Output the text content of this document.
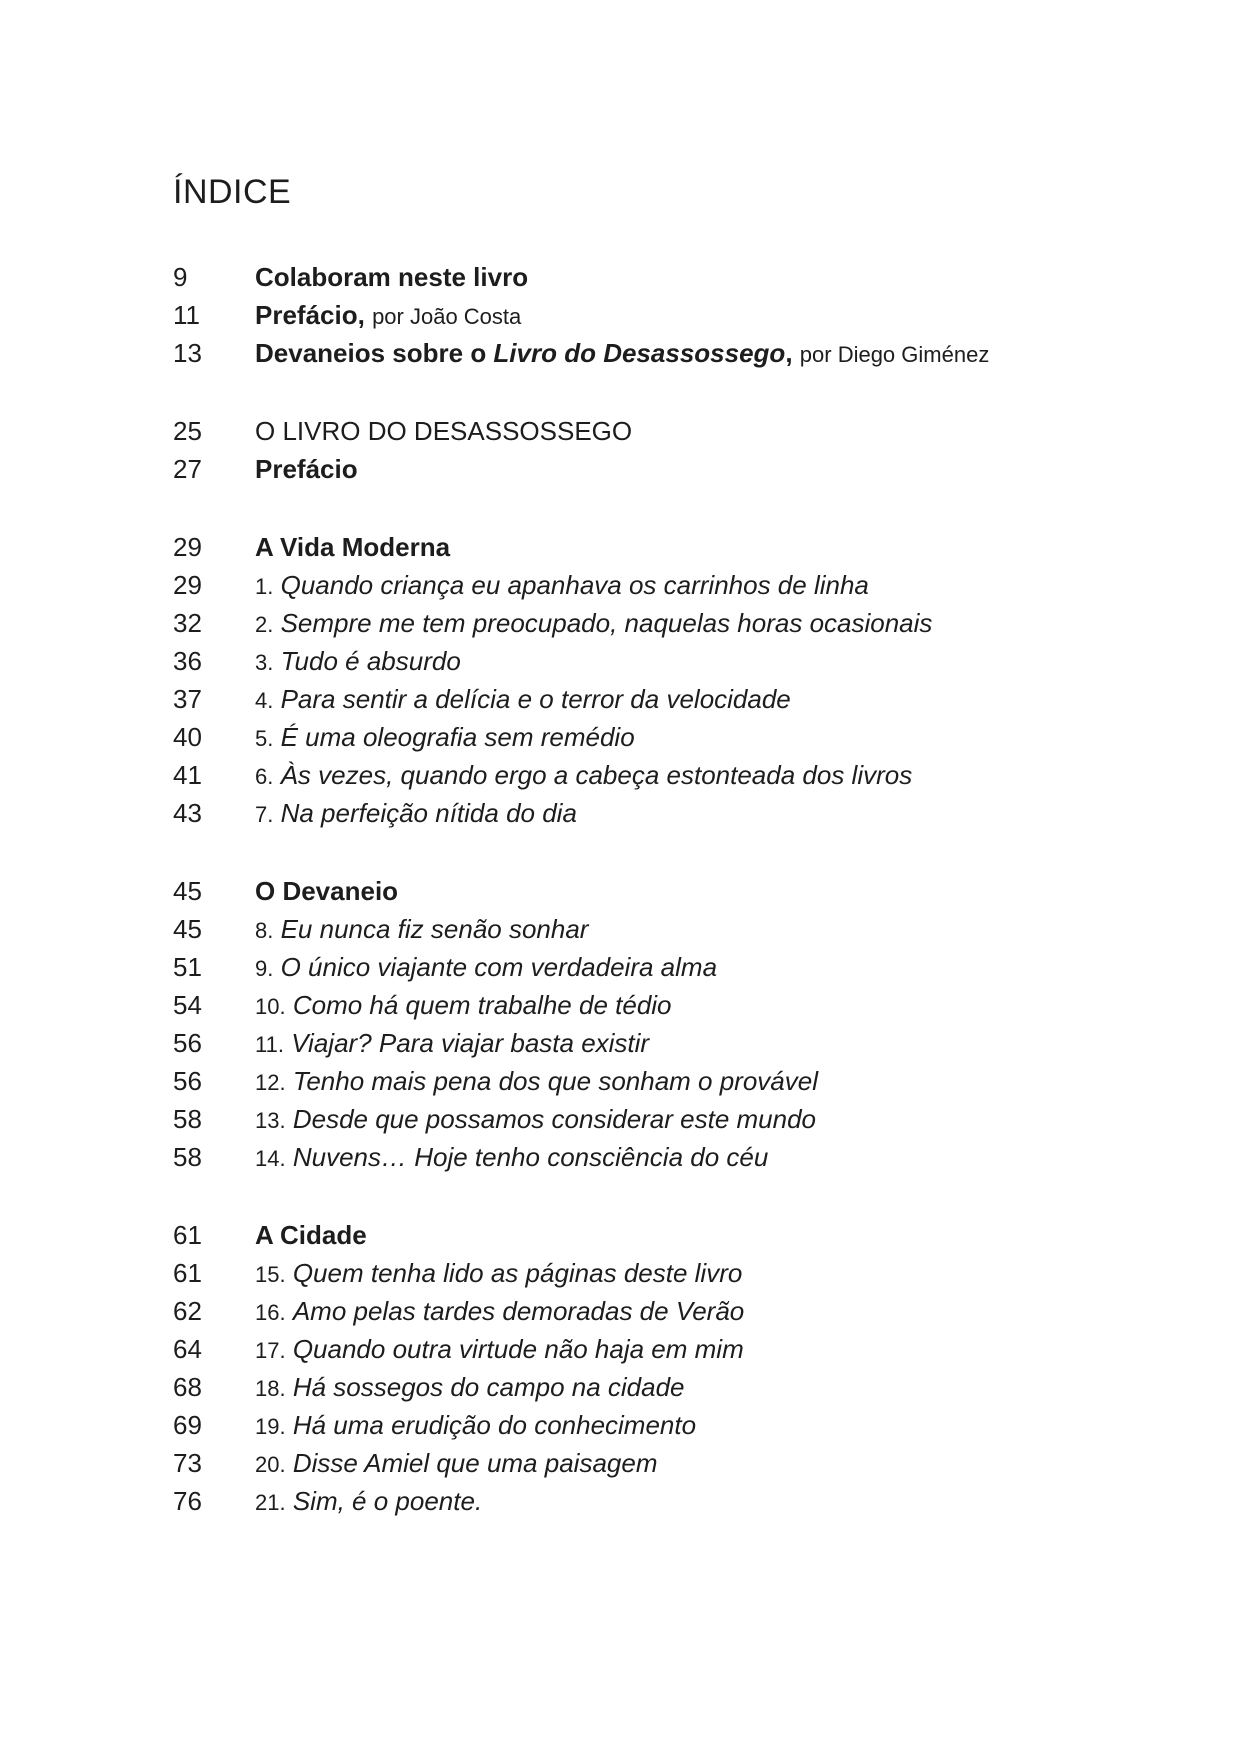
ÍNDICE
9	Colaboram neste livro
11	Prefácio, por João Costa
13	Devaneios sobre o Livro do Desassossego, por Diego Giménez
25	O LIVRO DO DESASSOSSEGO
27	Prefácio
29	A Vida Moderna
29	1. Quando criança eu apanhava os carrinhos de linha
32	2. Sempre me tem preocupado, naquelas horas ocasionais
36	3. Tudo é absurdo
37	4. Para sentir a delícia e o terror da velocidade
40	5. É uma oleografia sem remédio
41	6. Às vezes, quando ergo a cabeça estonteada dos livros
43	7. Na perfeição nítida do dia
45	O Devaneio
45	8. Eu nunca fiz senão sonhar
51	9. O único viajante com verdadeira alma
54	10. Como há quem trabalhe de tédio
56	11. Viajar? Para viajar basta existir
56	12. Tenho mais pena dos que sonham o provável
58	13. Desde que possamos considerar este mundo
58	14. Nuvens… Hoje tenho consciência do céu
61	A Cidade
61	15. Quem tenha lido as páginas deste livro
62	16. Amo pelas tardes demoradas de Verão
64	17. Quando outra virtude não haja em mim
68	18. Há sossegos do campo na cidade
69	19. Há uma erudição do conhecimento
73	20. Disse Amiel que uma paisagem
76	21. Sim, é o poente.
